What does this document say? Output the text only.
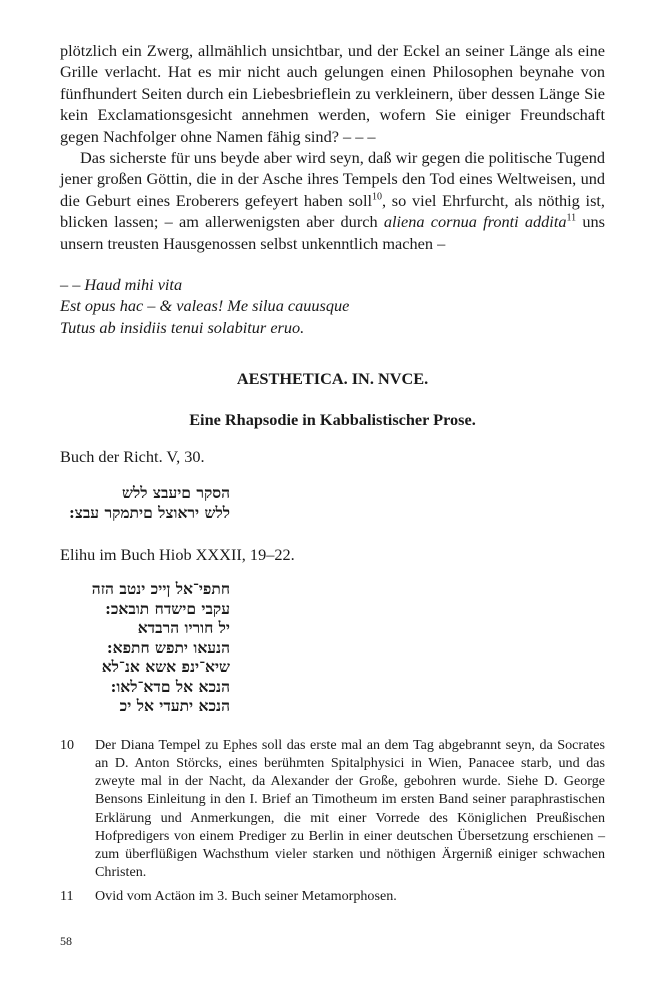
plötzlich ein Zwerg, allmählich unsichtbar, und der Eckel an seiner Länge als eine Grille verlacht. Hat es mir nicht auch gelungen einen Philosophen beynahe von fünfhundert Seiten durch ein Liebesbrieflein zu verkleinern, über dessen Länge Sie kein Exclamationsgesicht annehmen werden, wofern Sie einiger Freundschaft gegen Nachfolger ohne Namen fähig sind? – – –

Das sicherste für uns beyde aber wird seyn, daß wir gegen die politische Tugend jener großen Göttin, die in der Asche ihres Tempels den Tod eines Weltweisen, und die Geburt eines Eroberers gefeyert haben soll$^{10}$, so viel Ehrfurcht, als nöthig ist, blicken lassen; – am allerwenigsten aber durch aliena cornua fronti addita$^{11}$ uns unsern treusten Hausgenossen selbst unkenntlich machen –

– – Haud mihi vita
Est opus hac – & valeas! Me silua cauusque
Tutus ab insidiis tenui solabitur eruo.
AESTHETICA. IN. NVCE.
Eine Rhapsodie in Kabbalistischer Prose.
Buch der Richt. V, 30.
הסקר םיעבצ ללש
ללש יראוצל םיתמקר עבצ:
Elihu im Buch Hiob XXXII, 19–22.
חתפי־אל ןייכ ינטב הזה
עקבי םישדח תובאכ:
יל חוריו הרבדא
הנעאו יתפש חתפא:
שיא־ינפ אשא אנ־לא
הנכא אל םדא־לאו:
הנכא יתעדי אל יכ
10	Der Diana Tempel zu Ephes soll das erste mal an dem Tag abgebrannt seyn, da Socrates an D. Anton Störcks, eines berühmten Spitalphysici in Wien, Panacee starb, und das zweyte mal in der Nacht, da Alexander der Große, gebohren wurde. Siehe D. George Bensons Einleitung in den I. Brief an Timotheum im ersten Band seiner paraphrastischen Erklärung und Anmerkungen, die mit einer Vorrede des Königlichen Preußischen Hofpredigers von einem Prediger zu Berlin in einer deutschen Übersetzung erschienen – zum überflüßigen Wachsthum vieler starken und nöthigen Ärgerniß einiger schwachen Christen.
11	Ovid vom Actäon im 3. Buch seiner Metamorphosen.
58
